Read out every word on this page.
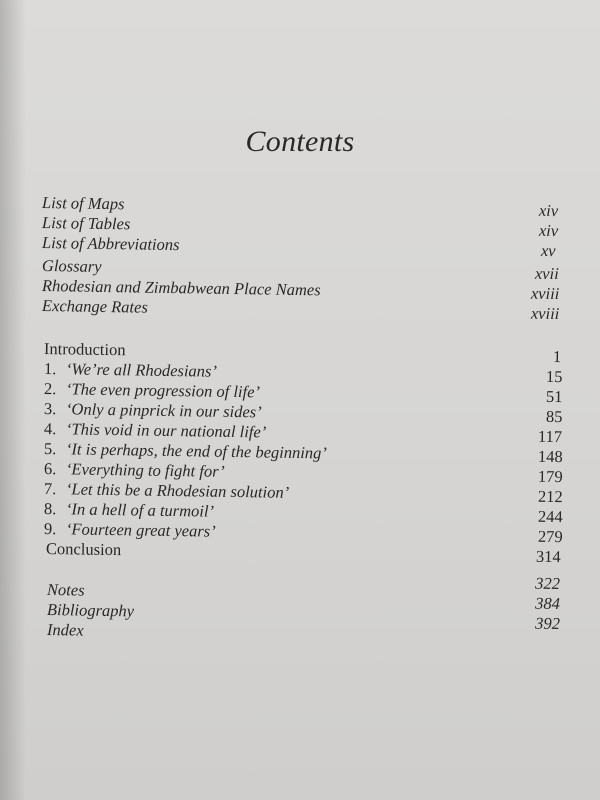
Contents
List of Maps	xiv
List of Tables	xiv
List of Abbreviations	xv
Glossary	xvii
Rhodesian and Zimbabwean Place Names	xviii
Exchange Rates	xviii
Introduction	1
1. ‘We’re all Rhodesians’	15
2. ‘The even progression of life’	51
3. ‘Only a pinprick in our sides’	85
4. ‘This void in our national life’	117
5. ‘It is perhaps, the end of the beginning’	148
6. ‘Everything to fight for’	179
7. ‘Let this be a Rhodesian solution’	212
8. ‘In a hell of a turmoil’	244
9. ‘Fourteen great years’	279
Conclusion	314
Notes	322
Bibliography	384
Index	392
